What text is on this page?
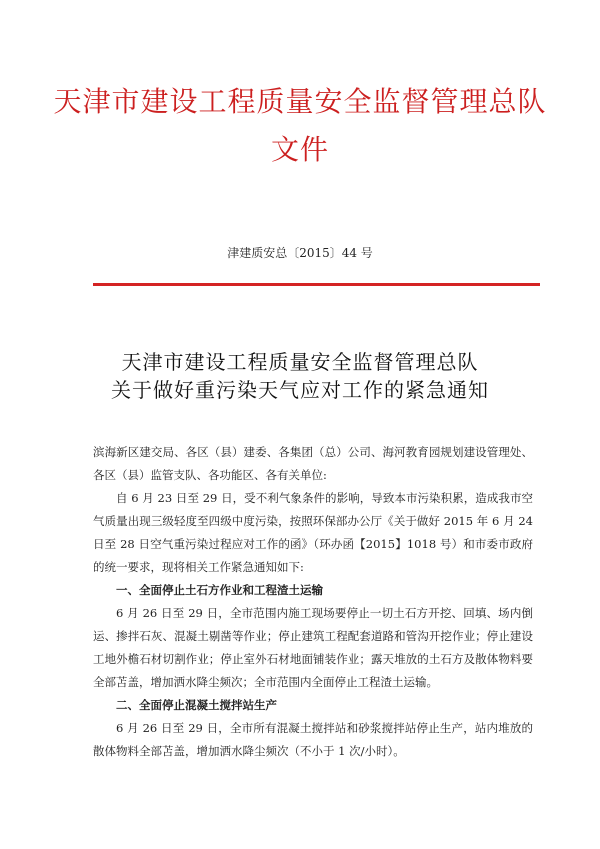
天津市建设工程质量安全监督管理总队
文件
津建质安总〔2015〕44 号
天津市建设工程质量安全监督管理总队
关于做好重污染天气应对工作的紧急通知

滨海新区建交局、各区（县）建委、各集团（总）公司、海河教育园规划建设管理处、各区（县）监管支队、各功能区、各有关单位:

自 6 月 23 日至 29 日，受不利气象条件的影响，导致本市污染积累，造成我市空气质量出现三级轻度至四级中度污染，按照环保部办公厅《关于做好 2015 年 6 月 24 日至 28 日空气重污染过程应对工作的函》（环办函【2015】1018 号）和市委市政府的统一要求，现将相关工作紧急通知如下:

一、全面停止土石方作业和工程渣土运输

6 月 26 日至 29 日，全市范围内施工现场要停止一切土石方开挖、回填、场内倒运、掺拌石灰、混凝土剔凿等作业；停止建筑工程配套道路和管沟开挖作业；停止建设工地外檐石材切割作业；停止室外石材地面铺装作业；露天堆放的土石方及散体物料要全部苫盖，增加洒水降尘频次；全市范围内全面停止工程渣土运输。

二、全面停止混凝土搅拌站生产

6 月 26 日至 29 日，全市所有混凝土搅拌站和砂浆搅拌站停止生产，站内堆放的散体物料全部苫盖，增加洒水降尘频次（不小于 1 次/小时）。
